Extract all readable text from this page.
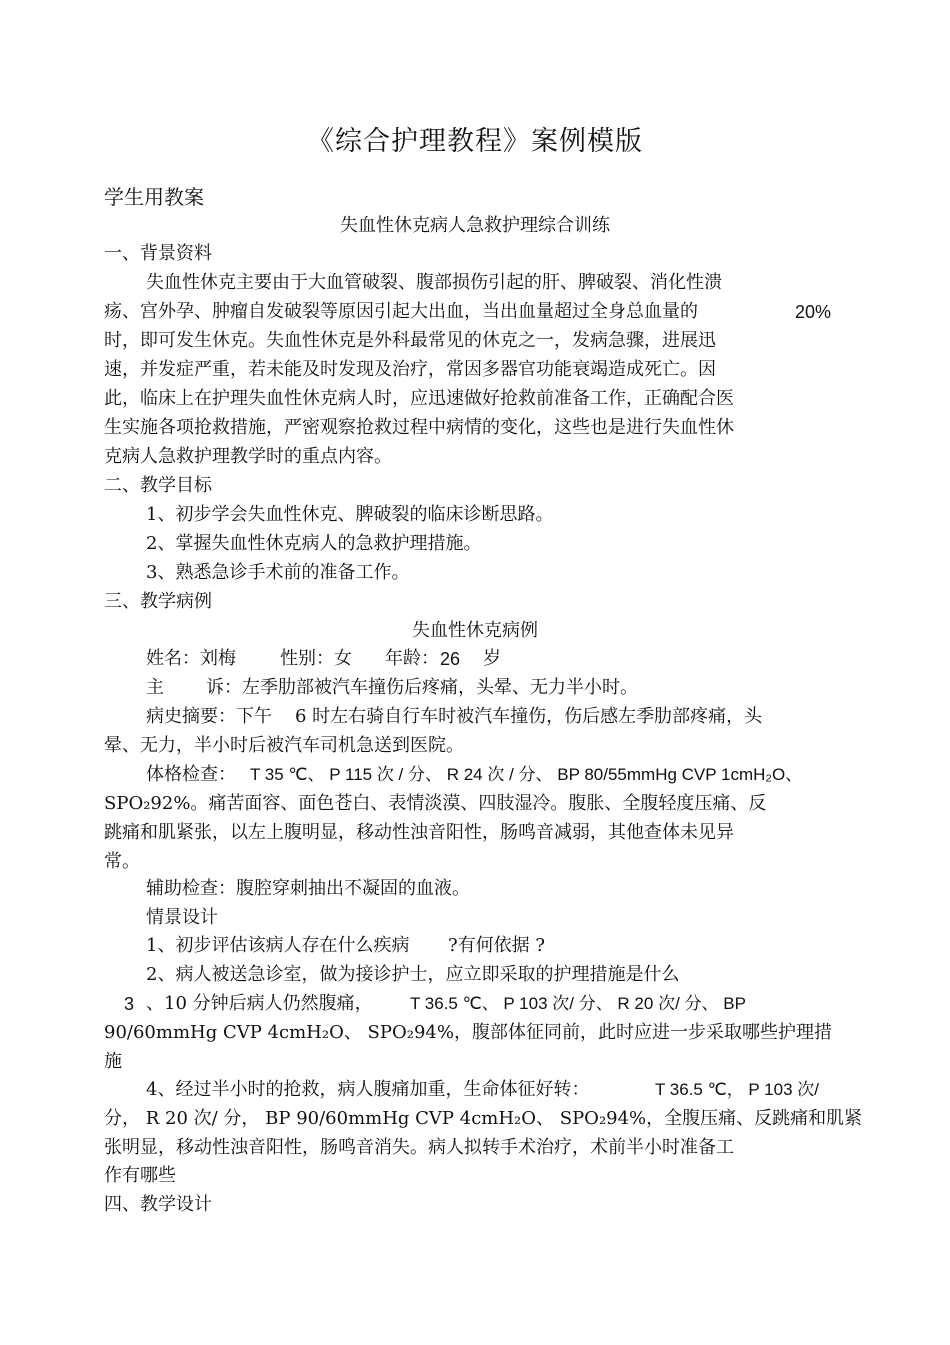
《综合护理教程》案例模版
学生用教案
失血性休克病人急救护理综合训练
一、背景资料
失血性休克主要由于大血管破裂、腹部损伤引起的肝、脾破裂、消化性溃
疡、宫外孕、肿瘤自发破裂等原因引起大出血，当出血量超过全身总血量的	20%
时，即可发生休克。失血性休克是外科最常见的休克之一，发病急骤，进展迅
速，并发症严重，若未能及时发现及治疗，常因多器官功能衰竭造成死亡。因
此，临床上在护理失血性休克病人时，应迅速做好抢救前准备工作，正确配合医
生实施各项抢救措施，严密观察抢救过程中病情的变化，这些也是进行失血性休
克病人急救护理教学时的重点内容。
二、教学目标
1、初步学会失血性休克、脾破裂的临床诊断思路。
2、掌握失血性休克病人的急救护理措施。
3、熟悉急诊手术前的准备工作。
三、教学病例
失血性休克病例
姓名：刘梅 性别：女 年龄： 26 岁
主 诉：左季肋部被汽车撞伤后疼痛，头晕、无力半小时。
病史摘要：下午 6 时左右骑自行车时被汽车撞伤，伤后感左季肋部疼痛，头
晕、无力，半小时后被汽车司机急送到医院。
体格检查： T 35 ℃、 P 115 次 / 分、 R 24 次 / 分、 BP 80/55mmHg CVP 1cmH₂O、
SPO₂92%。痛苦面容、面色苍白、表情淡漠、四肢湿冷。腹胀、全腹轻度压痛、反
跳痛和肌紧张，以左上腹明显，移动性浊音阳性，肠鸣音减弱，其他查体未见异
常。
辅助检查：腹腔穿刺抽出不凝固的血液。
情景设计
1、初步评估该病人存在什么疾病 ?有何依据 ?
2、病人被送急诊室，做为接诊护士，应立即采取的护理措施是什么
3 、10 分钟后病人仍然腹痛， T 36.5 ℃、 P 103 次/ 分、 R 20 次/ 分、 BP
90/60mmHg CVP 4cmH₂O、 SPO₂94%，腹部体征同前，此时应进一步采取哪些护理措
施
4、经过半小时的抢救，病人腹痛加重，生命体征好转：	T 36.5 ℃， P 103 次/
分， R 20 次/ 分， BP 90/60mmHg CVP 4cmH₂O、 SPO₂94%，全腹压痛、反跳痛和肌紧
张明显，移动性浊音阳性，肠鸣音消失。病人拟转手术治疗，术前半小时准备工
作有哪些
四、教学设计
